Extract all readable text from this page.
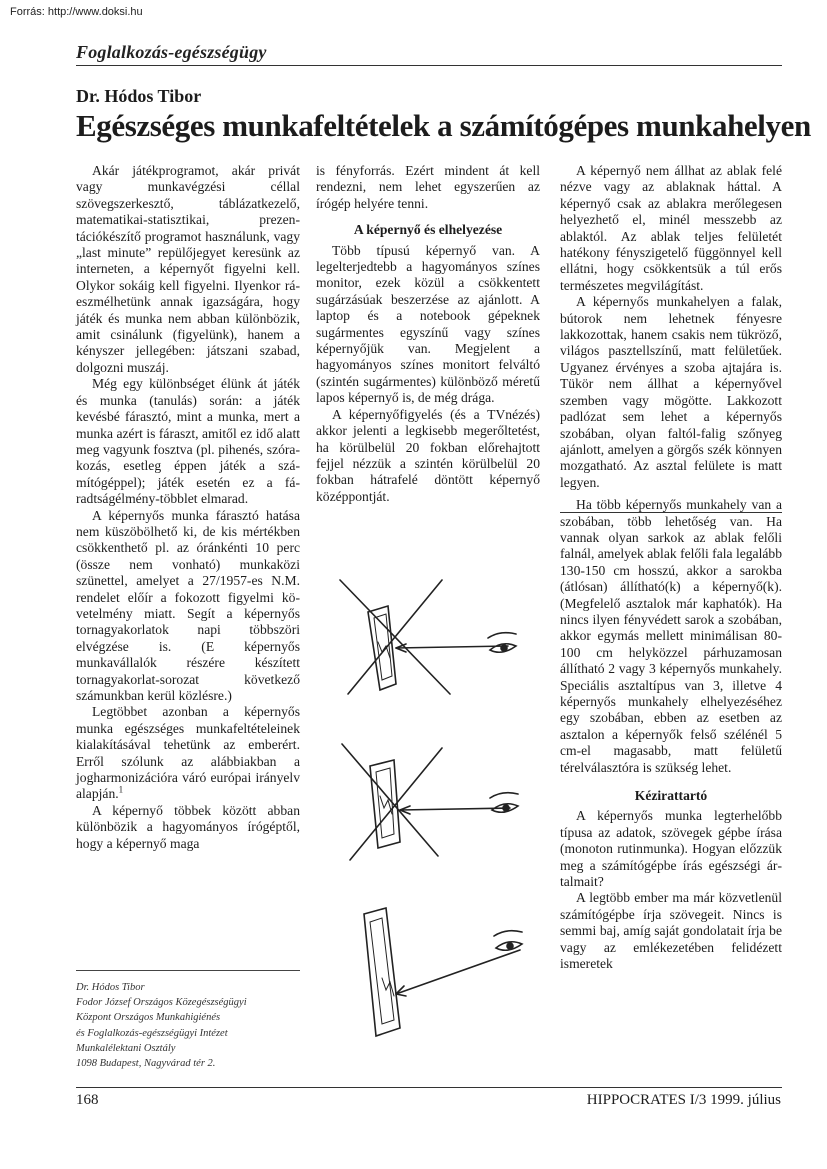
Forrás: http://www.doksi.hu
Foglalkozás-egészségügy
Dr. Hódos Tibor
Egészséges munkafeltételek a számítógépes munkahelyen

Akár játékprogramot, akár privát vagy munkavégzési céllal szövegszerkesztő, táblázatkezelő, matematikai-statisztikai, prezentációkészítő programot használunk, vagy „last minute” repülőjegyet keresünk az interneten, a képernyőt figyelni kell. Olykor sokáig kell figyelni. Ilyenkor ráeszmélhetünk annak igazságára, hogy játék és munka nem abban különbözik, amit csinálunk (figyelünk), hanem a kényszer jellegében: játszani szabad, dolgozni muszáj.

Még egy különbséget élünk át játék és munka (tanulás) során: a játék kevésbé fárasztó, mint a munka, mert a munka azért is fáraszt, amitől ez idő alatt meg vagyunk fosztva (pl. pihenés, szórakozás, esetleg éppen játék a számítógéppel); játék esetén ez a fáradtságélmény-többlet elmarad.

A képernyős munka fárasztó hatása nem küszöbölhető ki, de kis mértékben csökkenthető pl. az óránkénti 10 perc (össze nem vonható) munkaközi szünettel, amelyet a 27/1957-es N.M. rendelet előír a fokozott figyelmi követelmény miatt. Segít a képernyős tornagyakorlatok napi többszöri elvégzése is. (E képernyős munkavállalók részére készített tornagyakorlat-sorozat következő számunkban kerül közlésre.)

Legtöbbet azonban a képernyős munka egészséges munkafeltételeinek kialakításával tehetünk az emberért. Erről szólunk az alábbiakban a jogharmonizációra váró európai irányelv alapján.$^1$

A képernyő többek között abban különbözik a hagyományos írógéptől, hogy a képernyő maga

Dr. Hódos Tibor
Fodor József Országos Közegészségügyi
Központ Országos Munkahigiénés
és Foglalkozás-egészségügyi Intézet
Munkalélektani Osztály
1098 Budapest, Nagyvárad tér 2.

is fényforrás. Ezért mindent át kell rendezni, nem lehet egyszerűen az írógép helyére tenni.

A képernyő és elhelyezése

Több típusú képernyő van. A legelterjedtebb a hagyományos színes monitor, ezek közül a csökkentett sugárzásúak beszerzése az ajánlott. A laptop és a notebook gépeknek sugármentes egyszínű vagy színes képernyőjük van. Megjelent a hagyományos színes monitort felváltó (szintén sugármentes) különböző méretű lapos képernyő is, de még drága.

A képernyőfigyelés (és a TVnézés) akkor jelenti a legkisebb megerőltetést, ha körülbelül 20 fokban előrehajtott fejjel nézzük a szintén körülbelül 20 fokban hátrafelé döntött képernyő középpontját.

A képernyő nem állhat az ablak felé nézve vagy az ablaknak háttal. A képernyő csak az ablakra merőlegesen helyezhető el, minél messzebb az ablaktól. Az ablak teljes felületét hatékony fényszigetelő függönnyel kell ellátni, hogy csökkentsük a túl erős természetes megvilágítást.

A képernyős munkahelyen a falak, bútorok nem lehetnek fényesre lakkozottak, hanem csakis nem tükröző, világos pasztellszínű, matt felületűek. Ugyanez érvényes a szoba ajtajára is. Tükör nem állhat a képernyővel szemben vagy mögötte. Lakkozott padlózat sem lehet a képernyős szobában, olyan faltól-falig szőnyeg ajánlott, amelyen a görgős szék könnyen mozgatható. Az asztal felülete is matt legyen.

Ha több képernyős munkahely van a szobában, több lehetőség van. Ha vannak olyan sarkok az ablak felőli falnál, amelyek ablak felőli fala legalább 130-150 cm hosszú, akkor a sarokba (átlósan) állítható(k) a képernyő(k). (Megfelelő asztalok már kaphatók). Ha nincs ilyen fényvédett sarok a szobában, akkor egymás mellett minimálisan 80-100 cm helyközzel párhuzamosan állítható 2 vagy 3 képernyős munkahely. Speciális asztaltípus van 3, illetve 4 képernyős munkahely elhelyezéséhez egy szobában, ebben az esetben az asztalon a képernyők felső szélénél 5 cm-el magasabb, matt felületű térelválasztóra is szükség lehet.

Kézirattartó

A képernyős munka legterhelőbb típusa az adatok, szövegek gépbe írása (monoton rutinmunka). Hogyan előzzük meg a számítógépbe írás egészségi ártalmait?

A legtöbb ember ma már közvetlenül számítógépbe írja szövegeit. Nincs is semmi baj, amíg saját gondolatait írja be vagy az emlékezetében felidézett ismeretek

168	HIPPOCRATES I/3 1999. július
